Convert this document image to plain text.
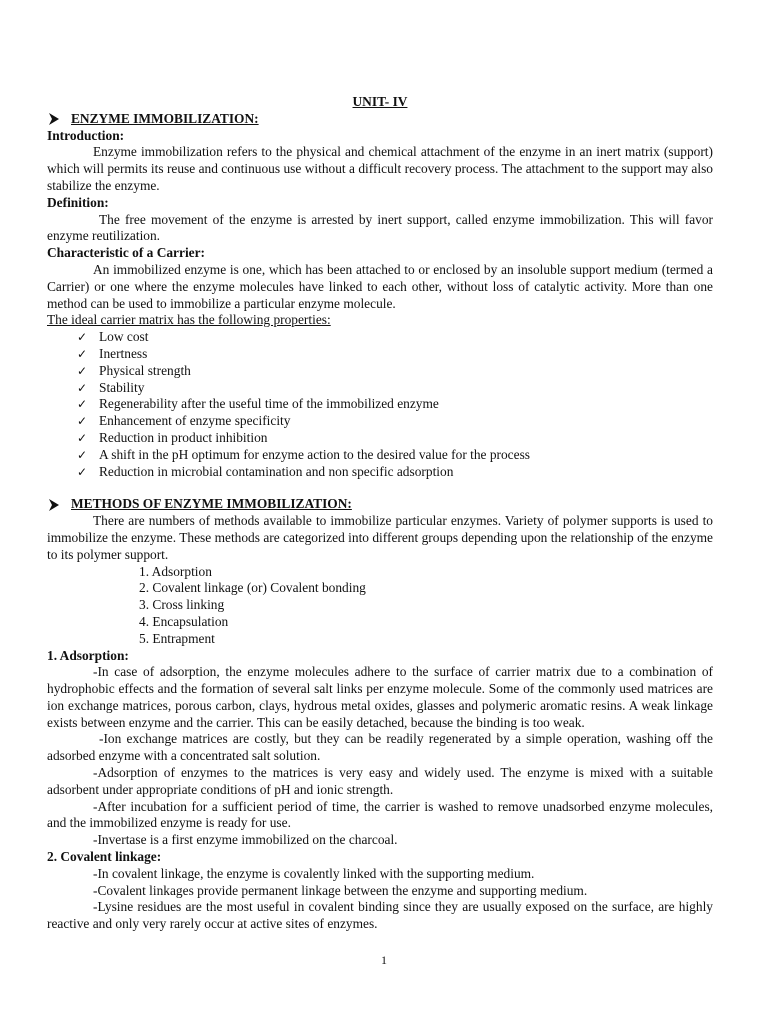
UNIT- IV
ENZYME IMMOBILIZATION:
Introduction:

Enzyme immobilization refers to the physical and chemical attachment of the enzyme in an inert matrix (support) which will permits its reuse and continuous use without a difficult recovery process. The attachment to the support may also stabilize the enzyme.

Definition:

The free movement of the enzyme is arrested by inert support, called enzyme immobilization. This will favor enzyme reutilization.

Characteristic of a Carrier:

An immobilized enzyme is one, which has been attached to or enclosed by an insoluble support medium (termed a Carrier) or one where the enzyme molecules have linked to each other, without loss of catalytic activity. More than one method can be used to immobilize a particular enzyme molecule.

The ideal carrier matrix has the following properties:
✓ Low cost
✓ Inertness
✓ Physical strength
✓ Stability
✓ Regenerability after the useful time of the immobilized enzyme
✓ Enhancement of enzyme specificity
✓ Reduction in product inhibition
✓ A shift in the pH optimum for enzyme action to the desired value for the process
✓ Reduction in microbial contamination and non specific adsorption
METHODS OF ENZYME IMMOBILIZATION:

There are numbers of methods available to immobilize particular enzymes. Variety of polymer supports is used to immobilize the enzyme. These methods are categorized into different groups depending upon the relationship of the enzyme to its polymer support.

1. Adsorption
2. Covalent linkage (or) Covalent bonding
3. Cross linking
4. Encapsulation
5. Entrapment
1. Adsorption:

-In case of adsorption, the enzyme molecules adhere to the surface of carrier matrix due to a combination of hydrophobic effects and the formation of several salt links per enzyme molecule. Some of the commonly used matrices are ion exchange matrices, porous carbon, clays, hydrous metal oxides, glasses and polymeric aromatic resins. A weak linkage exists between enzyme and the carrier. This can be easily detached, because the binding is too weak.

-Ion exchange matrices are costly, but they can be readily regenerated by a simple operation, washing off the adsorbed enzyme with a concentrated salt solution.

-Adsorption of enzymes to the matrices is very easy and widely used. The enzyme is mixed with a suitable adsorbent under appropriate conditions of pH and ionic strength.

-After incubation for a sufficient period of time, the carrier is washed to remove unadsorbed enzyme molecules, and the immobilized enzyme is ready for use.

-Invertase is a first enzyme immobilized on the charcoal.

2. Covalent linkage:

-In covalent linkage, the enzyme is covalently linked with the supporting medium.

-Covalent linkages provide permanent linkage between the enzyme and supporting medium.

-Lysine residues are the most useful in covalent binding since they are usually exposed on the surface, are highly reactive and only very rarely occur at active sites of enzymes.

1
